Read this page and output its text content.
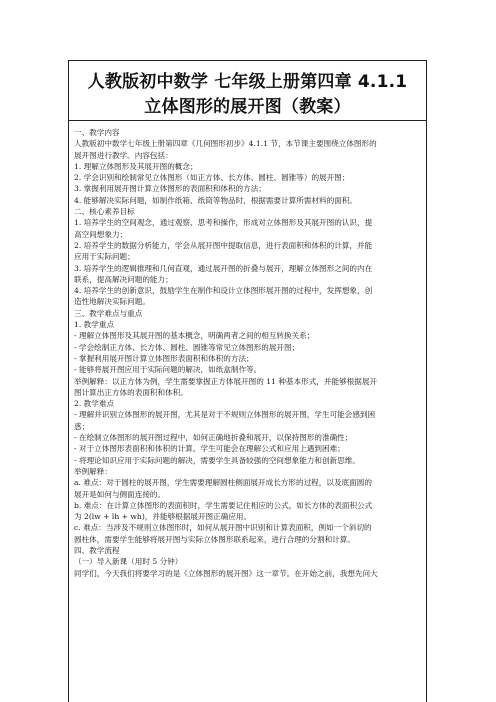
人教版初中数学 七年级上册第四章 4.1.1
立体图形的展开图（教案）
一、教学内容
人教版初中数学七年级上册第四章《几何图形初步》4.1.1 节，本节课主要围绕立体图形的
展开图进行教学。内容包括：
1. 理解立体图形及其展开图的概念；
2. 学会识别和绘制常见立体图形（如正方体、长方体、圆柱、圆锥等）的展开图；
3. 掌握利用展开图计算立体图形的表面积和体积的方法；
4. 能够解决实际问题，如制作纸箱、纸筒等物品时，根据需要计算所需材料的面积。
二、核心素养目标
1. 培养学生的空间观念，通过观察、思考和操作，形成对立体图形及其展开图的认识，提
高空间想象力；
2. 培养学生的数据分析能力，学会从展开图中提取信息，进行表面积和体积的计算，并能
应用于实际问题；
3. 培养学生的逻辑推理和几何直观，通过展开图的折叠与展开，理解立体图形之间的内在
联系，提高解决问题的能力；
4. 培养学生的创新意识，鼓励学生在制作和设计立体图形展开图的过程中，发挥想象，创
造性地解决实际问题。
三、教学难点与重点
1. 教学重点
- 理解立体图形及其展开图的基本概念，明确两者之间的相互转换关系；
- 学会绘制正方体、长方体、圆柱、圆锥等常见立体图形的展开图；
- 掌握利用展开图计算立体图形表面积和体积的方法；
- 能够将展开图应用于实际问题的解决，如纸盒制作等。
举例解释：以正方体为例，学生需要掌握正方体展开图的 11 种基本形式，并能够根据展开
图计算出正方体的表面积和体积。
2. 教学难点
- 理解并识别立体图形的展开图，尤其是对于不规则立体图形的展开图，学生可能会感到困
惑；
- 在绘制立体图形的展开图过程中，如何正确地折叠和展开，以保持图形的准确性；
- 对于立体图形表面积和体积的计算，学生可能会在理解公式和应用上遇到困难；
- 将理论知识应用于实际问题的解决，需要学生具备较强的空间想象能力和创新思维。
举例解释：
a. 难点：对于圆柱的展开图，学生需要理解圆柱侧面展开成长方形的过程，以及底面圆的
展开是如何与侧面连接的。
b. 难点：在计算立体图形的表面积时，学生需要记住相应的公式，如长方体的表面积公式
为 2(lw + lh + wh)，并能够根据展开图正确应用。
c. 难点：当涉及不规则立体图形时，如何从展开图中识别和计算表面积，例如一个斜切的
圆柱体，需要学生能够将展开图与实际立体图形联系起来，进行合理的分割和计算。
四、教学流程
（一）导入新课（用时 5 分钟）
同学们，今天我们将要学习的是《立体图形的展开图》这一章节。在开始之前，我想先问大
